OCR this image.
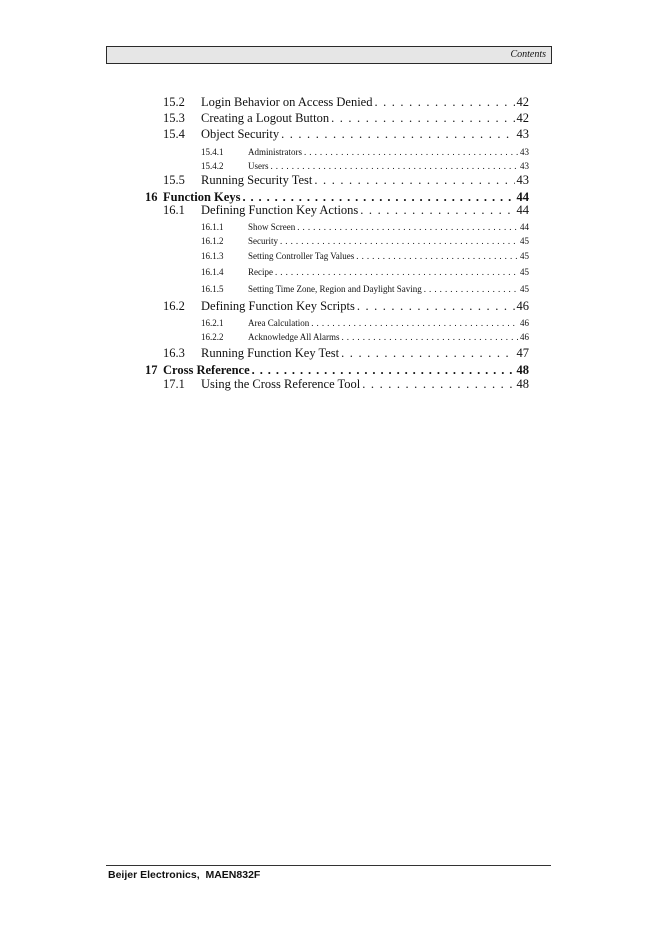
Contents
15.2	Login Behavior on Access Denied . . .	42
15.3	Creating a Logout Button . . .	42
15.4	Object Security . . .	43
15.4.1	Administrators . . .	43
15.4.2	Users . . .	43
15.5	Running Security Test . . .	43
16 Function Keys . . .	44
16.1	Defining Function Key Actions . . .	44
16.1.1	Show Screen . . .	44
16.1.2	Security . . .	45
16.1.3	Setting Controller Tag Values . . .	45
16.1.4	Recipe . . .	45
16.1.5	Setting Time Zone, Region and Daylight Saving . . .	45
16.2	Defining Function Key Scripts . . .	46
16.2.1	Area Calculation . . .	46
16.2.2	Acknowledge All Alarms . . .	46
16.3	Running Function Key Test . . .	47
17 Cross Reference . . .	48
17.1	Using the Cross Reference Tool . . .	48
Beijer Electronics, MAEN832F
